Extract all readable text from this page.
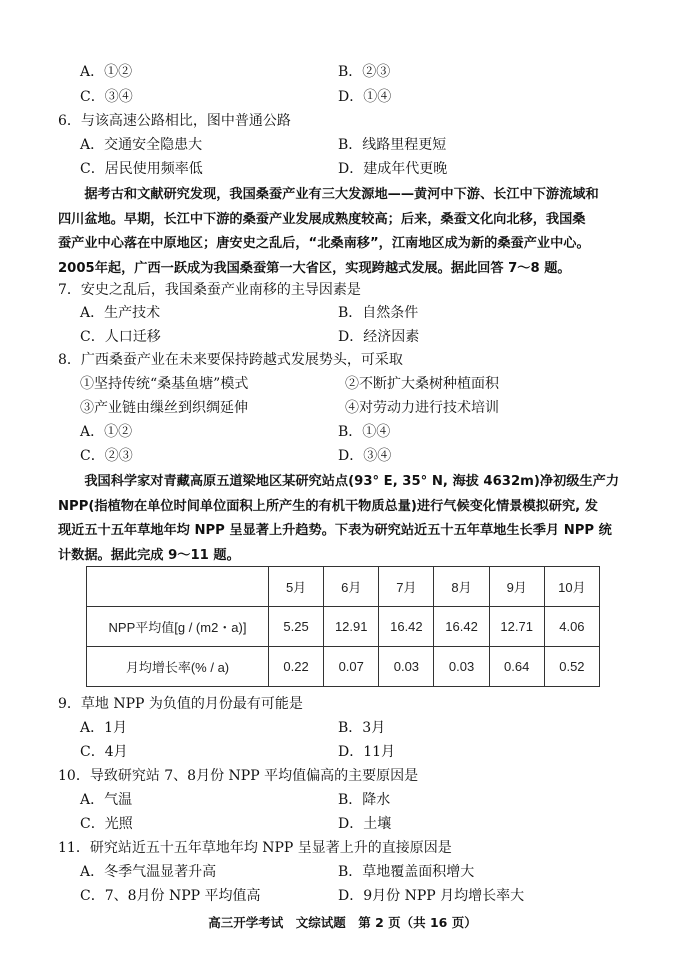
A．①②	B．②③
C．③④	D．①④
6．与该高速公路相比，图中普通公路
A．交通安全隐患大	B．线路里程更短
C．居民使用频率低	D．建成年代更晚
　　据考古和文献研究发现，我国桑蚕产业有三大发源地——黄河中下游、长江中下游流域和
四川盆地。早期，长江中下游的桑蚕产业发展成熟度较高；后来，桑蚕文化向北移，我国桑
蚕产业中心落在中原地区；唐安史之乱后，“北桑南移”，江南地区成为新的桑蚕产业中心。
2005年起，广西一跃成为我国桑蚕第一大省区，实现跨越式发展。据此回答 7～8 题。
7．安史之乱后，我国桑蚕产业南移的主导因素是
A．生产技术	B．自然条件
C．人口迁移	D．经济因素
8．广西桑蚕产业在未来要保持跨越式发展势头，可采取
①坚持传统“桑基鱼塘”模式	②不断扩大桑树种植面积
③产业链由缫丝到织绸延伸	④对劳动力进行技术培训
A．①②	B．①④
C．②③	D．③④
　　我国科学家对青藏高原五道梁地区某研究站点(93° E, 35° N, 海拔 4632m)净初级生产力
NPP(指植物在单位时间单位面积上所产生的有机干物质总量)进行气候变化情景模拟研究, 发
现近五十五年草地年均 NPP 呈显著上升趋势。下表为研究站近五十五年草地生长季月 NPP 统
计数据。据此完成 9～11 题。
	5月	6月	7月	8月	9月	10月
NPP平均值[g / (m2・a)]	5.25	12.91	16.42	16.42	12.71	4.06
月均增长率(% / a)	0.22	0.07	0.03	0.03	0.64	0.52
9．草地 NPP 为负值的月份最有可能是
A．1月	B．3月
C．4月	D．11月
10．导致研究站 7、8月份 NPP 平均值偏高的主要原因是
A．气温	B．降水
C．光照	D．土壤
11．研究站近五十五年草地年均 NPP 呈显著上升的直接原因是
A．冬季气温显著升高	B．草地覆盖面积增大
C．7、8月份 NPP 平均值高	D．9月份 NPP 月均增长率大
高三开学考试　文综试题　第 2 页（共 16 页）
